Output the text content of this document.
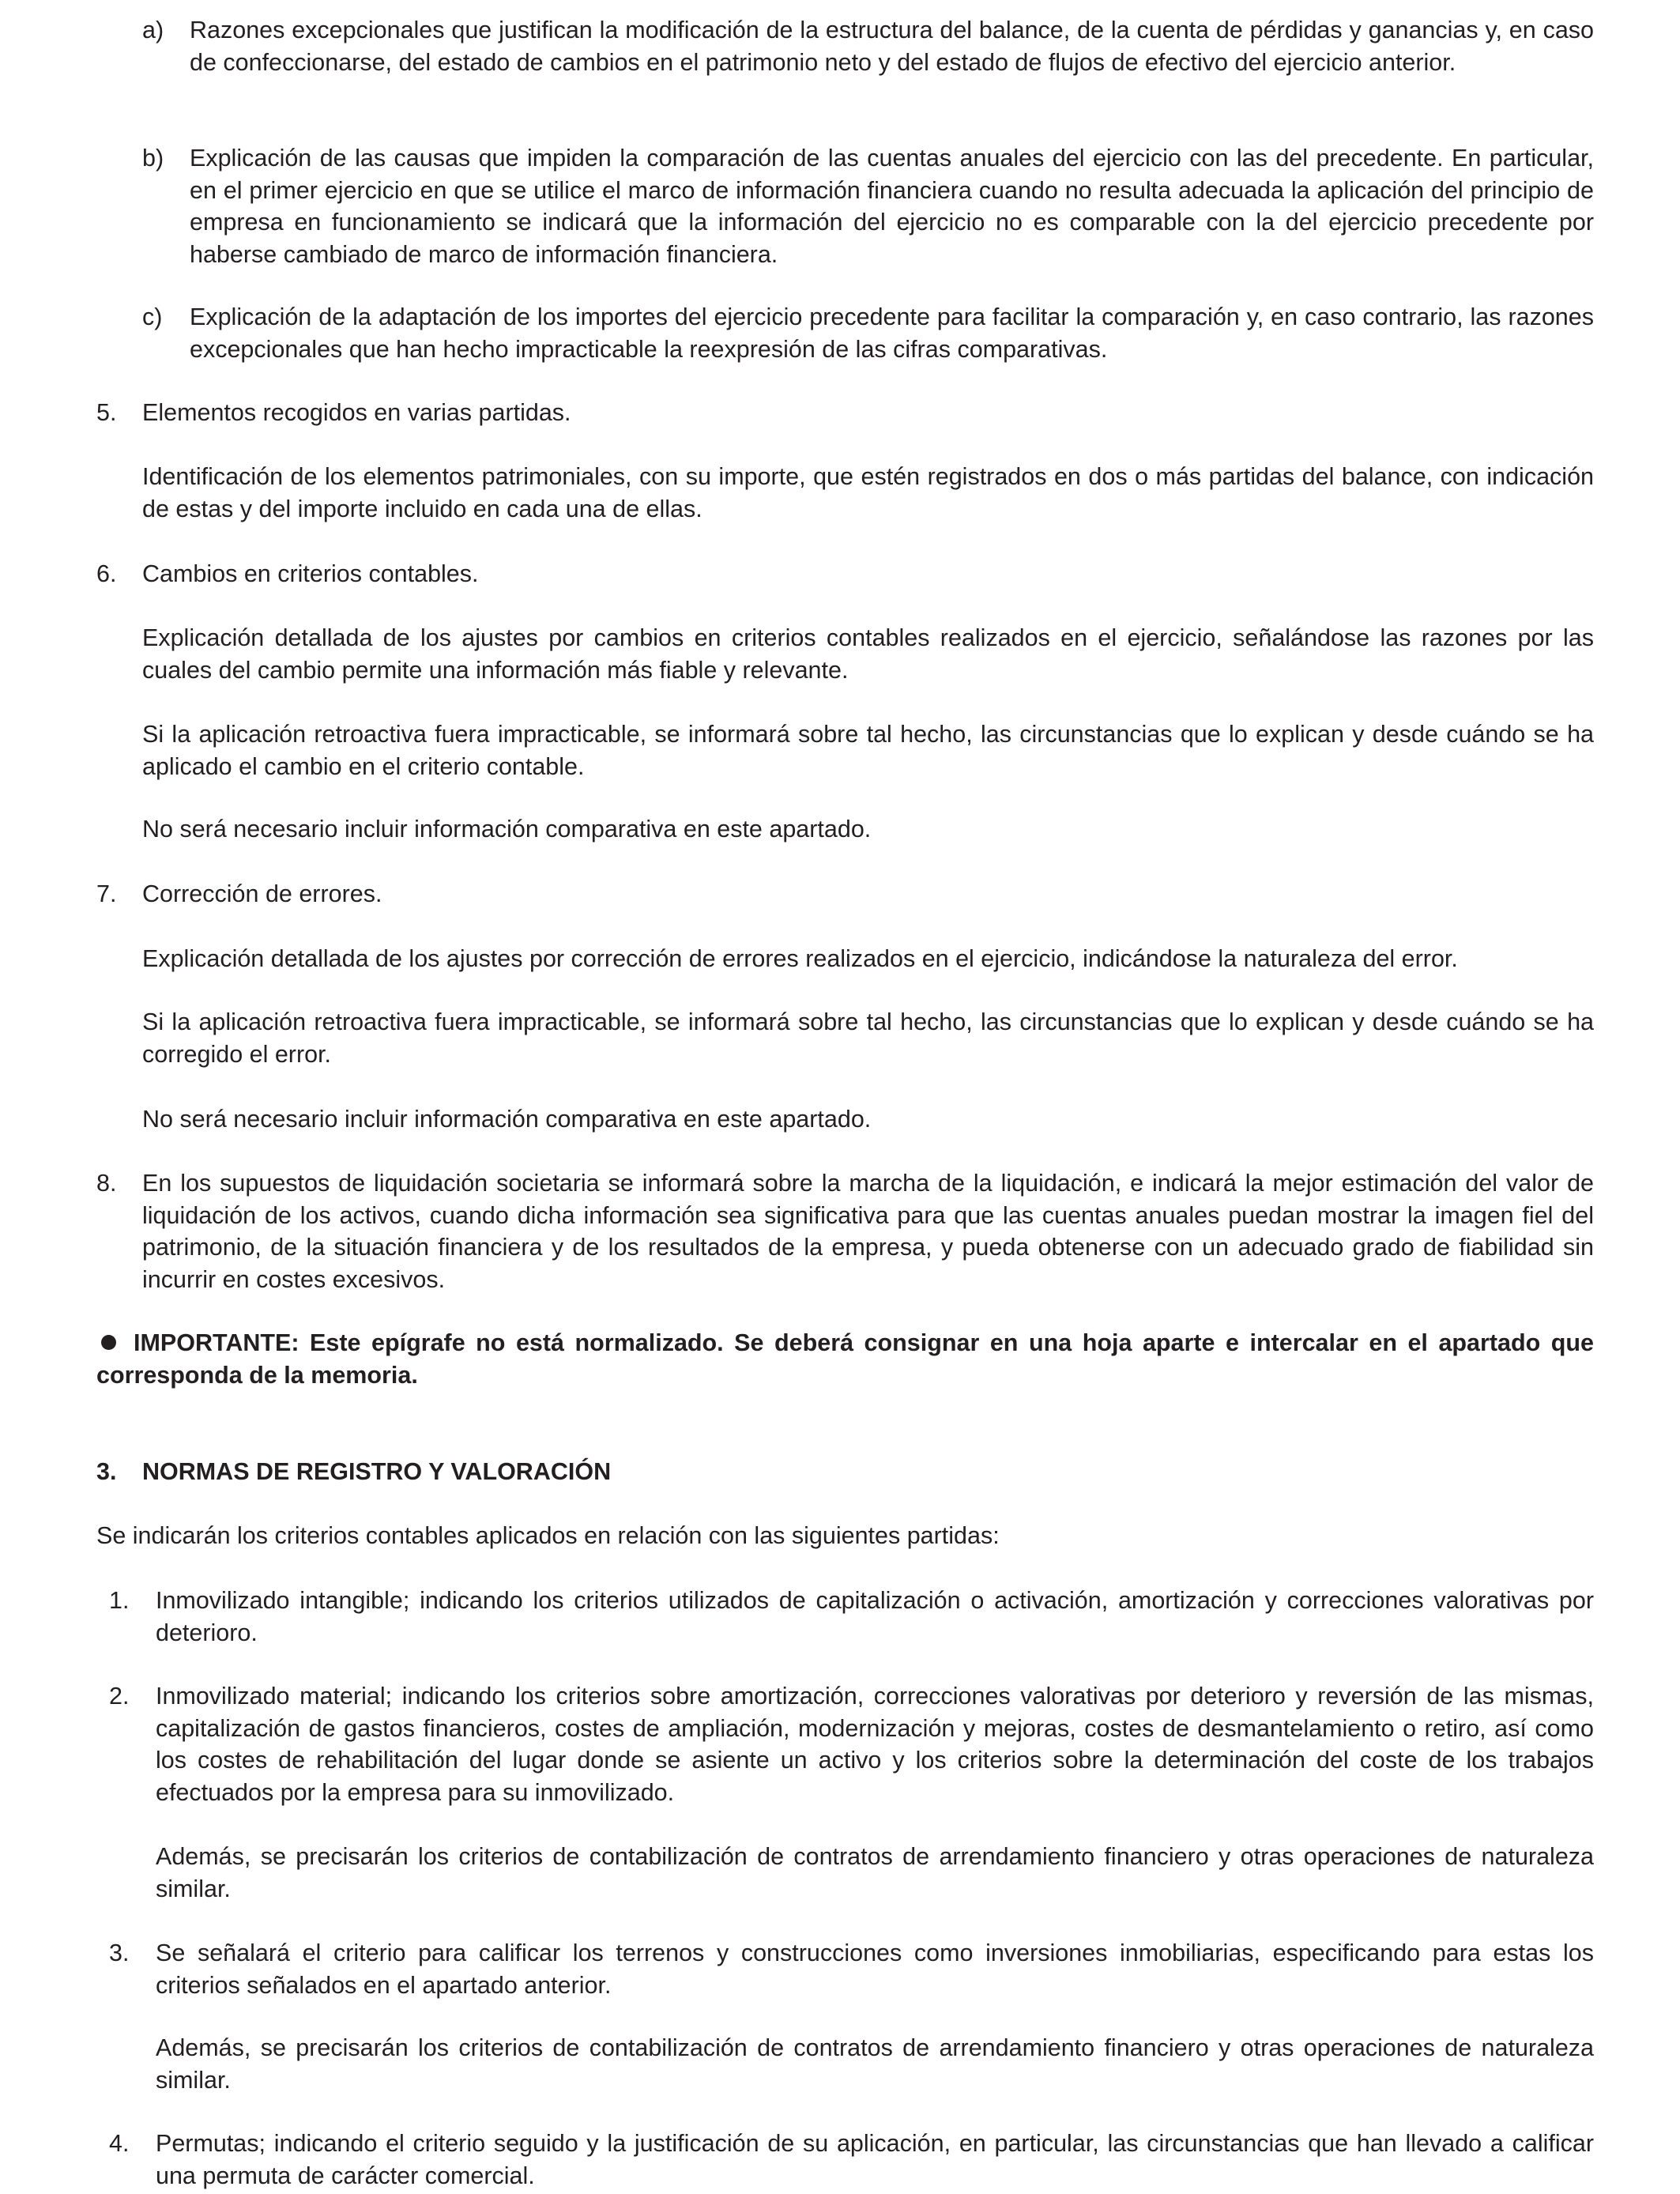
a) Razones excepcionales que justifican la modificación de la estructura del balance, de la cuenta de pérdidas y ganancias y, en caso de confeccionarse, del estado de cambios en el patrimonio neto y del estado de flujos de efectivo del ejercicio anterior.

b) Explicación de las causas que impiden la comparación de las cuentas anuales del ejercicio con las del precedente. En particular, en el primer ejercicio en que se utilice el marco de información financiera cuando no resulta adecuada la aplicación del principio de empresa en funcionamiento se indicará que la información del ejercicio no es comparable con la del ejercicio precedente por haberse cambiado de marco de información financiera.

c) Explicación de la adaptación de los importes del ejercicio precedente para facilitar la comparación y, en caso contrario, las razones excepcionales que han hecho impracticable la reexpresión de las cifras comparativas.

5. Elementos recogidos en varias partidas.

Identificación de los elementos patrimoniales, con su importe, que estén registrados en dos o más partidas del balance, con indicación de estas y del importe incluido en cada una de ellas.

6. Cambios en criterios contables.

Explicación detallada de los ajustes por cambios en criterios contables realizados en el ejercicio, señalándose las razones por las cuales del cambio permite una información más fiable y relevante.

Si la aplicación retroactiva fuera impracticable, se informará sobre tal hecho, las circunstancias que lo explican y desde cuándo se ha aplicado el cambio en el criterio contable.

No será necesario incluir información comparativa en este apartado.

7. Corrección de errores.

Explicación detallada de los ajustes por corrección de errores realizados en el ejercicio, indicándose la naturaleza del error.

Si la aplicación retroactiva fuera impracticable, se informará sobre tal hecho, las circunstancias que lo explican y desde cuándo se ha corregido el error.

No será necesario incluir información comparativa en este apartado.

8. En los supuestos de liquidación societaria se informará sobre la marcha de la liquidación, e indicará la mejor estimación del valor de liquidación de los activos, cuando dicha información sea significativa para que las cuentas anuales puedan mostrar la imagen fiel del patrimonio, de la situación financiera y de los resultados de la empresa, y pueda obtenerse con un adecuado grado de fiabilidad sin incurrir en costes excesivos.

IMPORTANTE: Este epígrafe no está normalizado. Se deberá consignar en una hoja aparte e intercalar en el apartado que corresponda de la memoria.

3. NORMAS DE REGISTRO Y VALORACIÓN

Se indicarán los criterios contables aplicados en relación con las siguientes partidas:

1. Inmovilizado intangible; indicando los criterios utilizados de capitalización o activación, amortización y correcciones valorativas por deterioro.

2. Inmovilizado material; indicando los criterios sobre amortización, correcciones valorativas por deterioro y reversión de las mismas, capitalización de gastos financieros, costes de ampliación, modernización y mejoras, costes de desmantelamiento o retiro, así como los costes de rehabilitación del lugar donde se asiente un activo y los criterios sobre la determinación del coste de los trabajos efectuados por la empresa para su inmovilizado.

Además, se precisarán los criterios de contabilización de contratos de arrendamiento financiero y otras operaciones de naturaleza similar.

3. Se señalará el criterio para calificar los terrenos y construcciones como inversiones inmobiliarias, especificando para estas los criterios señalados en el apartado anterior.

Además, se precisarán los criterios de contabilización de contratos de arrendamiento financiero y otras operaciones de naturaleza similar.

4. Permutas; indicando el criterio seguido y la justificación de su aplicación, en particular, las circunstancias que han llevado a calificar una permuta de carácter comercial.
